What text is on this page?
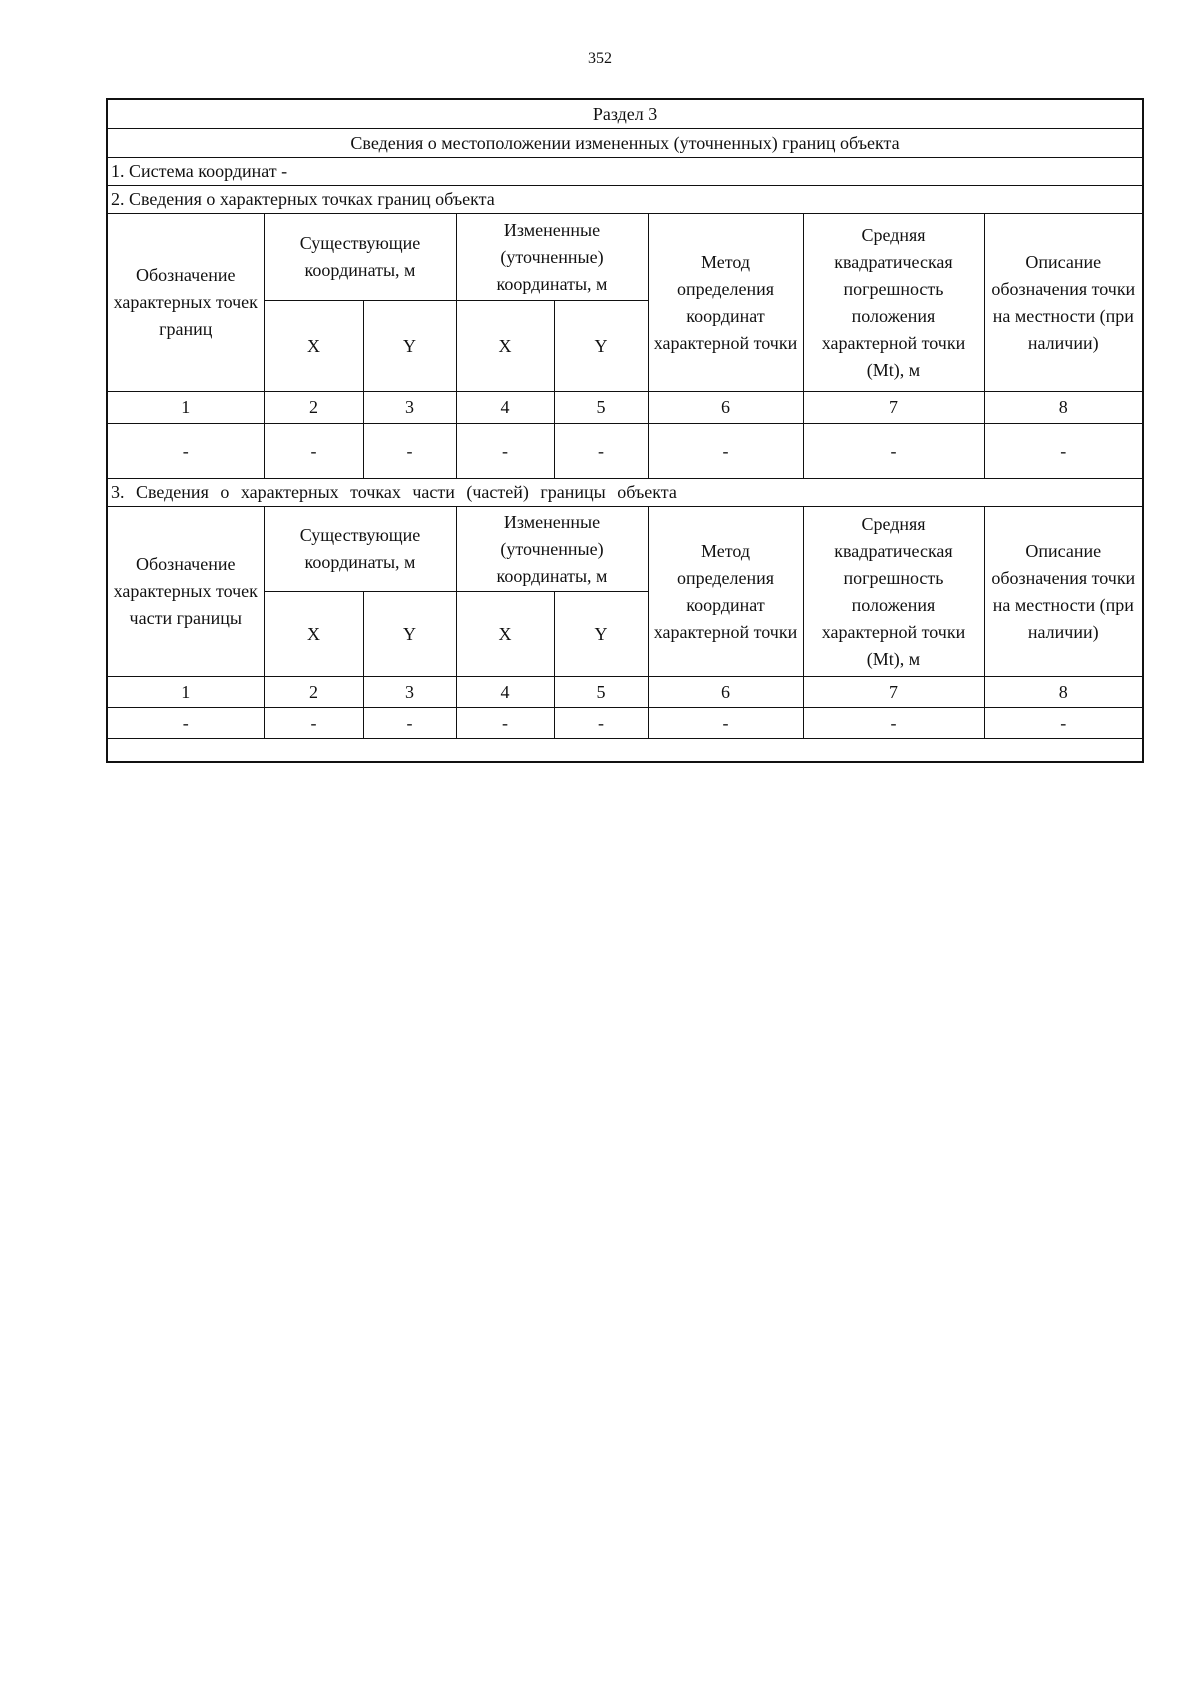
352
Раздел 3							
Сведения о местоположении измененных (уточненных) границ объекта							
1. Система координат -							
2. Сведения о характерных точках границ объекта							
Обозначение характерных точек границ	Существующие координаты, м		Измененные (уточненные) координаты, м		Метод определения координат характерной точки	Средняя квадратическая погрешность положения характерной точки (Mt), м	Описание обозначения точки на местности (при наличии)
	X	Y	X	Y			
1	2	3	4	5	6	7	8
-	-	-	-	-	-	-	-
3. Сведения о характерных точках части (частей) границы объекта							
Обозначение характерных точек части границы	Существующие координаты, м		Измененные (уточненные) координаты, м		Метод определения координат характерной точки	Средняя квадратическая погрешность положения характерной точки (Mt), м	Описание обозначения точки на местности (при наличии)
	X	Y	X	Y			
1	2	3	4	5	6	7	8
-	-	-	-	-	-	-	-
